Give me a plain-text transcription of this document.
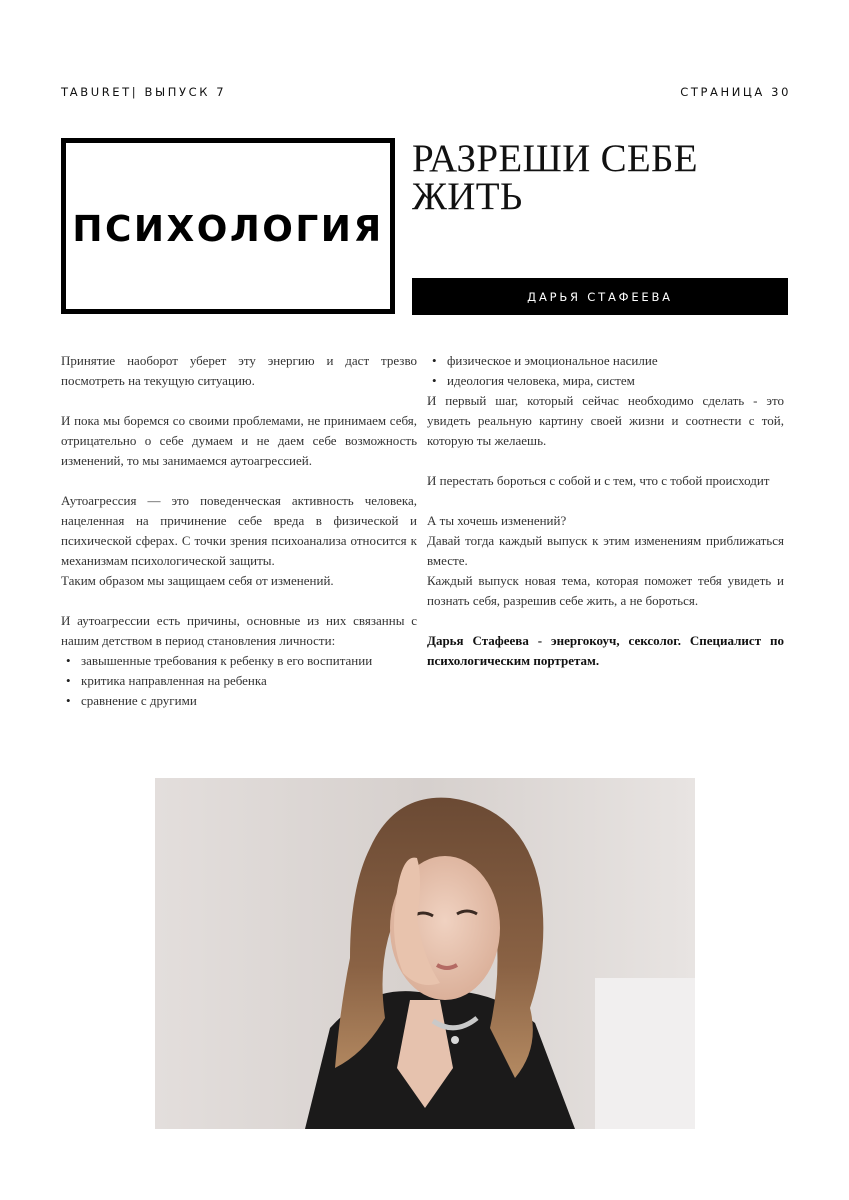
TABURET| ВЫПУСК 7	СТРАНИЦА 30
ПСИХОЛОГИЯ
РАЗРЕШИ СЕБЕ
ЖИТЬ
ДАРЬЯ СТАФЕЕВА

Принятие наоборот уберет эту энергию и даст трезво посмотреть на текущую ситуацию.

И пока мы боремся со своими проблемами, не принимаем себя, отрицательно о себе думаем и не даем себе возможность изменений, то мы занимаемся аутоагрессией.

Аутоагрессия — это поведенческая активность человека, нацеленная на причинение себе вреда в физической и психической сферах. С точки зрения психоанализа относится к механизмам психологической защиты.

Таким образом мы защищаем себя от изменений.

И аутоагрессии есть причины, основные из них связанны с нашим детством в период становления личности:

• завышенные требования к ребенку в его воспитании
• критика направленная на ребенка
• сравнение с другими
• физическое и эмоциональное насилие
• идеология человека, мира, систем

И первый шаг, который сейчас необходимо сделать - это увидеть реальную картину своей жизни и соотнести с той, которую ты желаешь.

И перестать бороться с собой и с тем, что с тобой происходит

А ты хочешь изменений?

Давай тогда каждый выпуск к этим изменениям приближаться вместе.

Каждый выпуск новая тема, которая поможет тебя увидеть и познать себя, разрешив себе жить, а не бороться.

Дарья Стафеева - энергокоуч, сексолог. Специалист по психологическим портретам.
